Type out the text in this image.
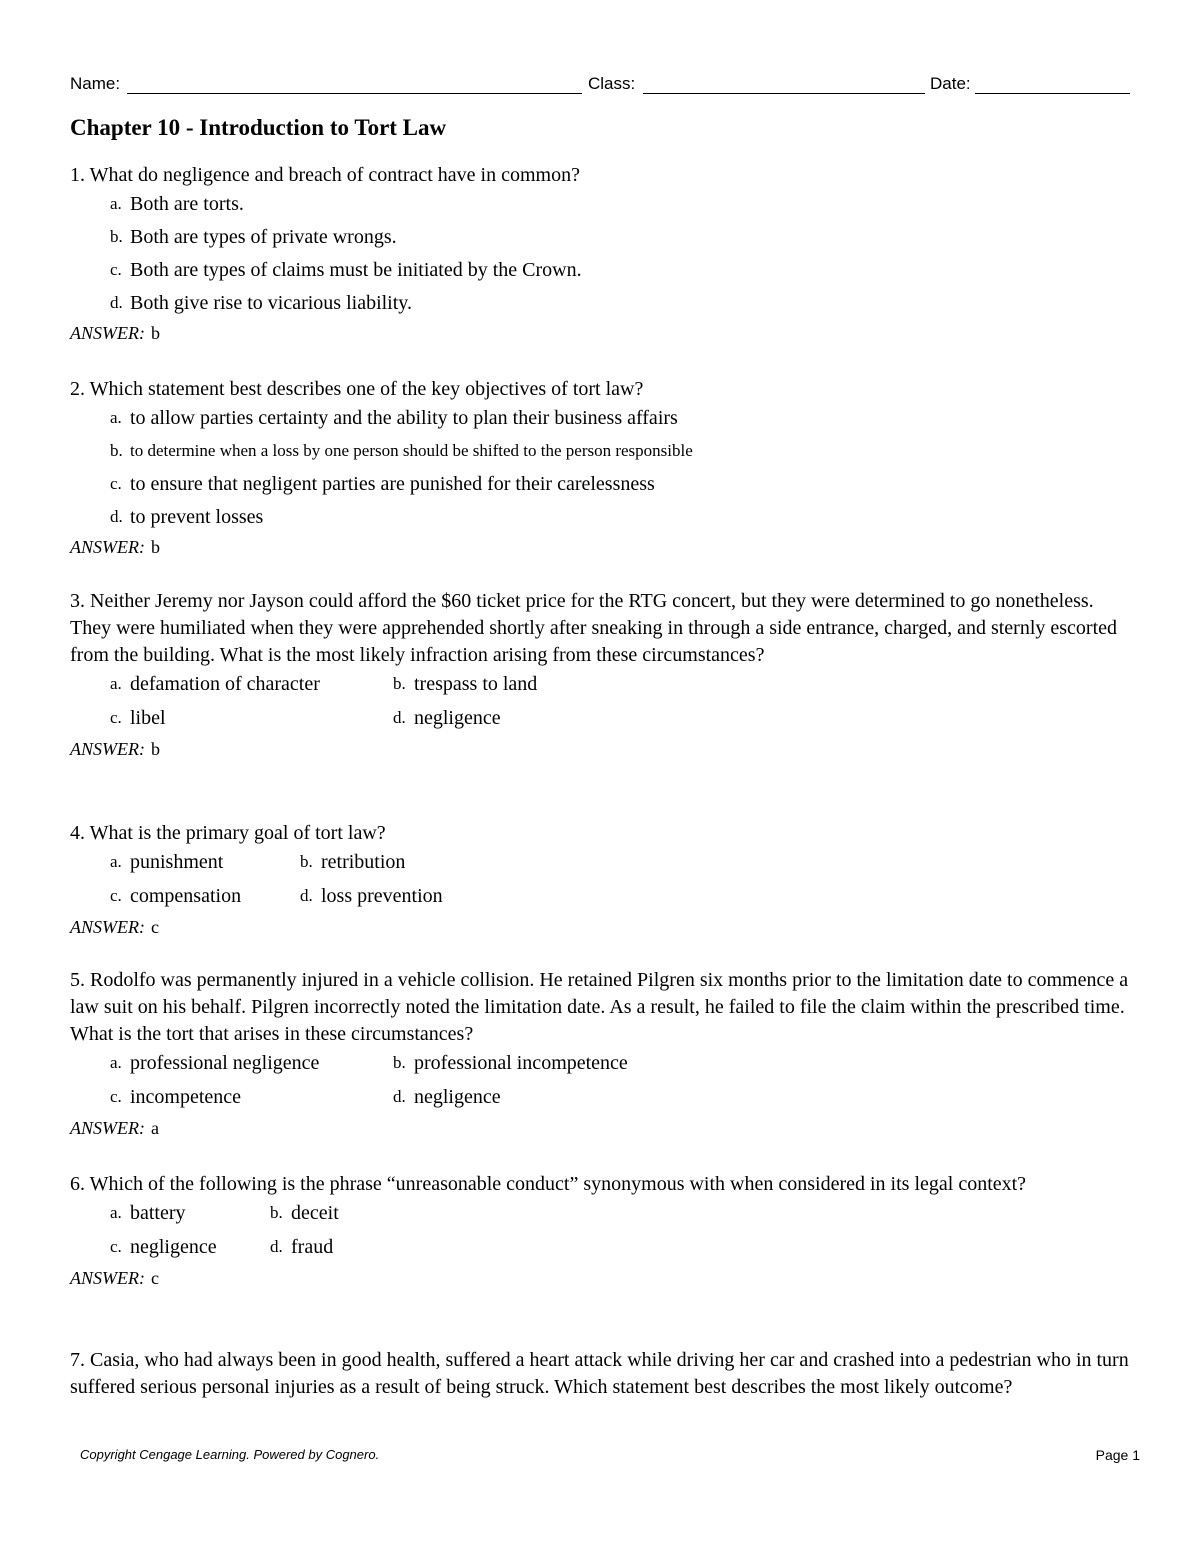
Name:	Class:	Date:
Chapter 10 - Introduction to Tort Law

1. What do negligence and breach of contract have in common?

a. Both are torts.
b. Both are types of private wrongs.
c. Both are types of claims must be initiated by the Crown.
d. Both give rise to vicarious liability.
ANSWER: b

2. Which statement best describes one of the key objectives of tort law?

a. to allow parties certainty and the ability to plan their business affairs
b. to determine when a loss by one person should be shifted to the person responsible
c. to ensure that negligent parties are punished for their carelessness
d. to prevent losses
ANSWER: b

3. Neither Jeremy nor Jayson could afford the $60 ticket price for the RTG concert, but they were determined to go nonetheless. They were humiliated when they were apprehended shortly after sneaking in through a side entrance, charged, and sternly escorted from the building. What is the most likely infraction arising from these circumstances?

a. defamation of character	b. trespass to land
c. libel	d. negligence
ANSWER: b

4. What is the primary goal of tort law?

a. punishment	b. retribution
c. compensation	d. loss prevention
ANSWER: c

5. Rodolfo was permanently injured in a vehicle collision. He retained Pilgren six months prior to the limitation date to commence a law suit on his behalf. Pilgren incorrectly noted the limitation date. As a result, he failed to file the claim within the prescribed time. What is the tort that arises in these circumstances?

a. professional negligence	b. professional incompetence
c. incompetence	d. negligence
ANSWER: a

6. Which of the following is the phrase “unreasonable conduct” synonymous with when considered in its legal context?

a. battery	b. deceit
c. negligence	d. fraud
ANSWER: c

7. Casia, who had always been in good health, suffered a heart attack while driving her car and crashed into a pedestrian who in turn suffered serious personal injuries as a result of being struck. Which statement best describes the most likely outcome?

Copyright Cengage Learning. Powered by Cognero.	Page 1
